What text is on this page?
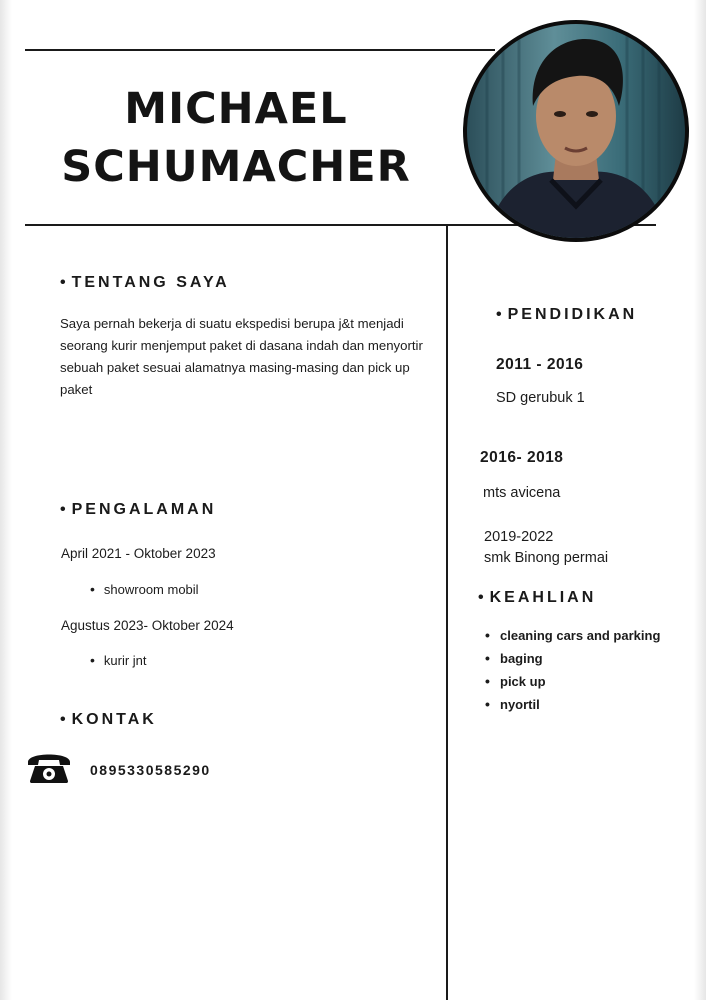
MICHAEL
SCHUMACHER
• TENTANG SAYA
Saya pernah bekerja di suatu ekspedisi berupa j&t menjadi seorang kurir menjemput paket di dasana indah dan menyortir sebuah paket sesuai alamatnya masing-masing dan pick up paket
• PENGALAMAN
April 2021 - Oktober 2023
• showroom mobil
Agustus 2023- Oktober 2024
• kurir jnt
• KONTAK
0895330585290
• PENDIDIKAN
2011 - 2016
SD gerubuk 1
2016- 2018
mts avicena
2019-2022
smk Binong permai
• KEAHLIAN
• cleaning cars and parking
• baging
• pick up
• nyortil
